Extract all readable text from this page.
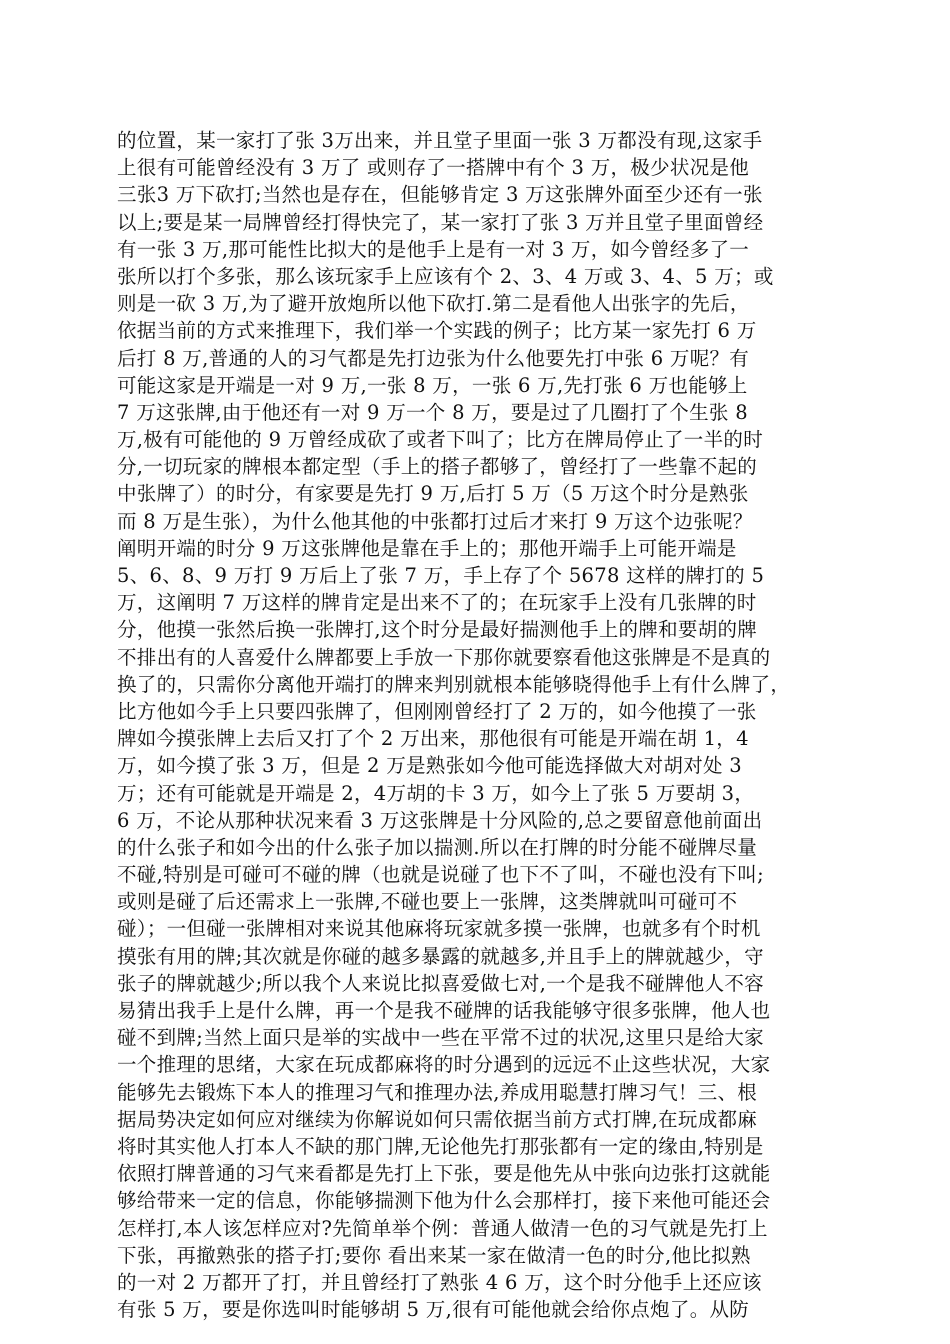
的位置，某一家打了张 3万出来，并且堂子里面一张 3 万都没有现,这家手
上很有可能曾经没有 3 万了 或则存了一搭牌中有个 3 万，极少状况是他
三张3 万下砍打;当然也是存在，但能够肯定 3 万这张牌外面至少还有一张
以上;要是某一局牌曾经打得快完了，某一家打了张 3 万并且堂子里面曾经
有一张 3 万,那可能性比拟大的是他手上是有一对 3 万，如今曾经多了一
张所以打个多张，那么该玩家手上应该有个 2、3、4 万或 3、4、5 万；或
则是一砍 3 万,为了避开放炮所以他下砍打.第二是看他人出张字的先后，
依据当前的方式来推理下，我们举一个实践的例子；比方某一家先打 6 万
后打 8 万,普通的人的习气都是先打边张为什么他要先打中张 6 万呢？有
可能这家是开端是一对 9 万,一张 8 万，一张 6 万,先打张 6 万也能够上
7 万这张牌,由于他还有一对 9 万一个 8 万，要是过了几圈打了个生张 8
万,极有可能他的 9 万曾经成砍了或者下叫了；比方在牌局停止了一半的时
分,一切玩家的牌根本都定型（手上的搭子都够了，曾经打了一些靠不起的
中张牌了）的时分，有家要是先打 9 万,后打 5 万（5 万这个时分是熟张
而 8 万是生张），为什么他其他的中张都打过后才来打 9 万这个边张呢？
阐明开端的时分 9 万这张牌他是靠在手上的；那他开端手上可能开端是
5、6、8、9 万打 9 万后上了张 7 万，手上存了个 5678 这样的牌打的 5
万，这阐明 7 万这样的牌肯定是出来不了的；在玩家手上没有几张牌的时
分，他摸一张然后换一张牌打,这个时分是最好揣测他手上的牌和要胡的牌
不排出有的人喜爱什么牌都要上手放一下那你就要察看他这张牌是不是真的
换了的，只需你分离他开端打的牌来判别就根本能够晓得他手上有什么牌了，
比方他如今手上只要四张牌了，但刚刚曾经打了 2 万的，如今他摸了一张
牌如今摸张牌上去后又打了个 2 万出来，那他很有可能是开端在胡 1，4
万，如今摸了张 3 万，但是 2 万是熟张如今他可能选择做大对胡对处 3
万；还有可能就是开端是 2，4万胡的卡 3 万，如今上了张 5 万要胡 3，
6 万，不论从那种状况来看 3 万这张牌是十分风险的,总之要留意他前面出
的什么张子和如今出的什么张子加以揣测.所以在打牌的时分能不碰牌尽量
不碰,特别是可碰可不碰的牌（也就是说碰了也下不了叫，不碰也没有下叫;
或则是碰了后还需求上一张牌,不碰也要上一张牌，这类牌就叫可碰可不
碰）；一但碰一张牌相对来说其他麻将玩家就多摸一张牌，也就多有个时机
摸张有用的牌;其次就是你碰的越多暴露的就越多,并且手上的牌就越少，守
张子的牌就越少;所以我个人来说比拟喜爱做七对,一个是我不碰牌他人不容
易猜出我手上是什么牌，再一个是我不碰牌的话我能够守很多张牌，他人也
碰不到牌;当然上面只是举的实战中一些在平常不过的状况,这里只是给大家
一个推理的思绪，大家在玩成都麻将的时分遇到的远远不止这些状况，大家
能够先去锻炼下本人的推理习气和推理办法,养成用聪慧打牌习气！三、根
据局势决定如何应对继续为你解说如何只需依据当前方式打牌,在玩成都麻
将时其实他人打本人不缺的那门牌,无论他先打那张都有一定的缘由,特别是
依照打牌普通的习气来看都是先打上下张，要是他先从中张向边张打这就能
够给带来一定的信息，你能够揣测下他为什么会那样打，接下来他可能还会
怎样打,本人该怎样应对?先简单举个例：普通人做清一色的习气就是先打上
下张，再撤熟张的搭子打;要你 看出来某一家在做清一色的时分,他比拟熟
的一对 2 万都开了打，并且曾经打了熟张 4 6 万，这个时分他手上还应该
有张 5 万，要是你选叫时能够胡 5 万,很有可能他就会给你点炮了。从防
